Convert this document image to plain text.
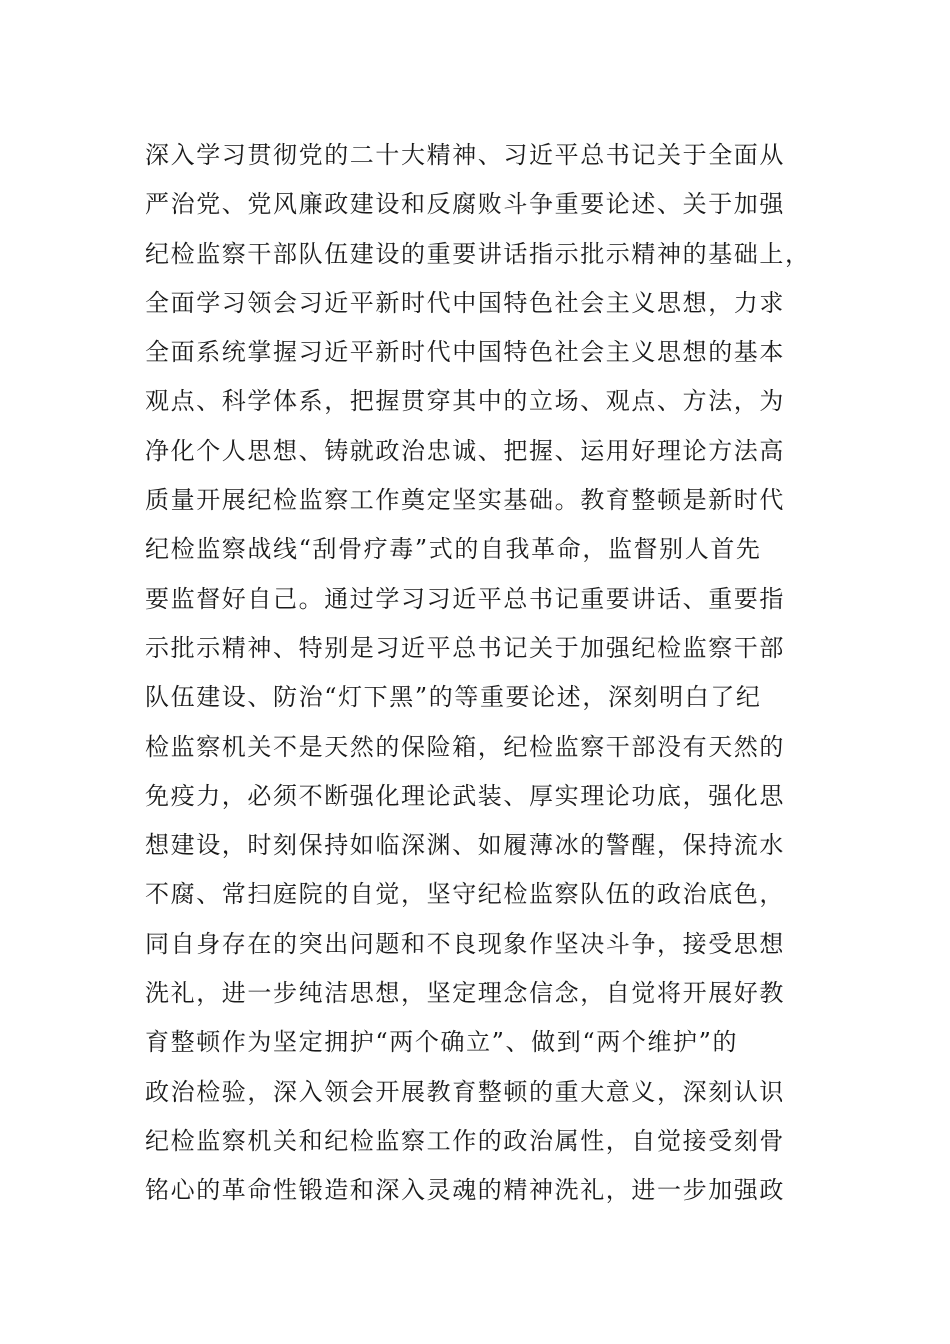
深入学习贯彻党的二十大精神、习近平总书记关于全面从
严治党、党风廉政建设和反腐败斗争重要论述、关于加强
纪检监察干部队伍建设的重要讲话指示批示精神的基础上，
全面学习领会习近平新时代中国特色社会主义思想，力求
全面系统掌握习近平新时代中国特色社会主义思想的基本
观点、科学体系，把握贯穿其中的立场、观点、方法，为
净化个人思想、铸就政治忠诚、把握、运用好理论方法高
质量开展纪检监察工作奠定坚实基础。教育整顿是新时代
纪检监察战线“刮骨疗毒”式的自我革命，监督别人首先
要监督好自己。通过学习习近平总书记重要讲话、重要指
示批示精神、特别是习近平总书记关于加强纪检监察干部
队伍建设、防治“灯下黑”的等重要论述，深刻明白了纪
检监察机关不是天然的保险箱，纪检监察干部没有天然的
免疫力，必须不断强化理论武装、厚实理论功底，强化思
想建设，时刻保持如临深渊、如履薄冰的警醒，保持流水
不腐、常扫庭院的自觉，坚守纪检监察队伍的政治底色，
同自身存在的突出问题和不良现象作坚决斗争，接受思想
洗礼，进一步纯洁思想，坚定理念信念，自觉将开展好教
育整顿作为坚定拥护“两个确立”、做到“两个维护”的
政治检验，深入领会开展教育整顿的重大意义，深刻认识
纪检监察机关和纪检监察工作的政治属性，自觉接受刻骨
铭心的革命性锻造和深入灵魂的精神洗礼，进一步加强政
